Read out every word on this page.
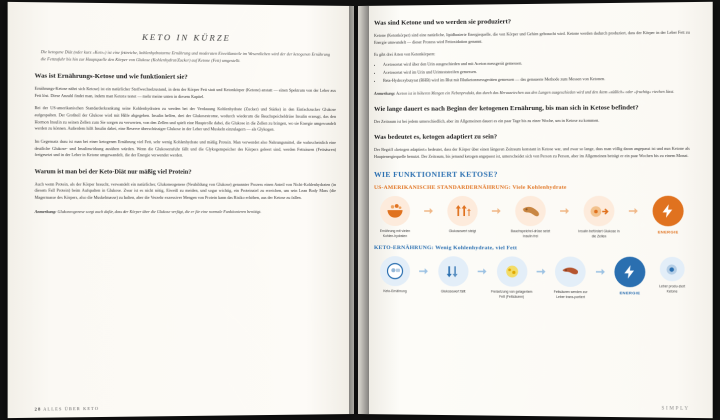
KETO IN KÜRZE

Die ketogene Diät (oder kurz »Keto«) ist eine fettreiche, kohlenhydratarme Ernährung und moderaten Eiweißanteile im Wesentlichen wird der der ketogenen Ernährung die Fettzufuhr bis hin zur Hauptquelle den Körper von Glukose (Kohlenhydrat/Zucker) auf Ketone (Fett) umgestellt.

Was ist Ernährungs-Ketose und wie funktioniert sie?

Ernährungs-Ketose nährt sich Ketose) ist ein natürlicher Stoffwechselzustand, in dem der Körper Fett statt und Ketonkörper (Ketone) anstatt — einen Spektrum von der Leber aus Fett löst. Diese Anzahl findet man, indem man Ketone testet — mehr meine unten in diesem Kapitel.

Bei der US-amerikanischen Standarderkrankung seine Kohlenhydraten zu werden bei der Verdauung Kohlenhydrate (Zucker) und Stärke) in den Einfachzucker Glukose aufgespalten. Der Großteil der Glukose wird mit Hilfe abgegeben. Insulin helfen, drei der Glukosestrome, wodurch wiederum die Bauchspeicheldrüse Insulin erzeugt, das den Hormon Insulin zu seinen Zellen zum Sie sorgen zu verwerten, von den Zellen und spielt eine Hauptrolle dabei, die Glukose in die Zellen zu bringen, wo sie Energie umgewandelt werden zu können. Außerdem hilft Insulin dabei, eine Reserve überschüssiger Glukose in der Leber und Muskeln einzulagern — als Glykogen.

Im Gegensatz dazu ist man bei einer ketogenen Ernährung viel Fett, sehr wenig Kohlenhydrate und mäßig Protein. Man verwendet also Nahrungsmittel, die wahrscheinlich eine deutliche Glukose- und Insulinwirkung ausüben würden. Wenn die Glukosezufuhr fällt und die Glykogenspeicher des Körpers geleert sind, werden Fettsäuren (Fettsäuren) freigesetzt und in der Leber in Ketone umgewandelt, die der Energie verwendet werden.

Warum ist man bei der Keto-Diät nur mäßig viel Protein?

Auch wenn Protein, als der Körper braucht, verwandelt ein natürlicher, Glukoneogenese (Neubildung von Glukose) genannter Prozess einen Anteil von Nicht-Kohlenhydraten (in diesem Fall Protein) beim Aufspalten in Glukose. Zwar ist es nicht nötig, Eiweiß zu meiden, und sogar wichtig, ein Proteinziel zu erreichen, um sein Lean Body Mass (die Magermasse des Körpers, also die Muskelmasse) zu halten, aber die Verzehr exzessiver Mengen von Protein kann das Risiko erhöhen, aus der Ketose zu fallen.

Anmerkung: Glukoneogenese sorgt auch dafür, dass der Körper über die Glukose verfügt, die er für eine normale Funktionieren benötigt.

28 ALLES ÜBER KETO
Was sind Ketone und wo werden sie produziert?

Ketone (Ketonkörper) sind eine natürliche, lipidbasierte Energiequelle, die von Körper und Gehirn gebraucht wird. Ketone werden dadurch produziert, dass der Körper in der Leber Fett zu Energie umwandelt — dieser Prozess wird Fettoxidation genannt.

Es gibt drei Arten von Ketonkörpern:

• Acetoacetat wird über den Urin ausgeschieden und mit Aceton messgerät gemessen.
• Acetoacetat wird im Urin und Urinteststreifen gemessen.
• Beta-Hydroxybutyrat (BHB) wird im Blut mit Blutketonmessgeräten gemessen — das genaueste Methode zum Messen von Ketonen.

Anmerkung: Aceton ist in höheren Mengen ein Nebenprodukt, das durch das Herausriechen aus den Lungen ausgeschieden wird und den Atem »süßlich« oder »fruchtig« riechen lässt.

Wie lange dauert es nach Beginn der ketogenen Ernährung, bis man sich in Ketose befindet?

Der Zeitraum ist bei jedem unterschiedlich, aber im Allgemeinen dauert es ein paar Tage bis zu einer Woche, um in Ketose zu kommen.

Was bedeutet es, ketogen adaptiert zu sein?

Der Begriff »ketogen adaptiert« bedeutet, dass der Körper über einen längeren Zeitraum konstant in Ketose war, und zwar so lange, dass man völlig daran angepasst ist und nun Ketone als Hauptenergiequelle benutzt. Der Zeitraum, bis jemand ketogen angepasst ist, unterscheidet sich von Person zu Person, aber im Allgemeinen beträgt er ein paar Wochen bis zu einem Monat.

WIE FUNKTIONIERT KETOSE?
US-AMERIKANISCHE STANDARDERNÄHRUNG: Viele Kohlenhydrate
Ernährung mit vielen Kohlen-hydraten
Glukosewert steigt	Bauchspeichel-drüse setzt Insulin frei
Insulin befördert Glukose in die Zellen
ENERGIE
KETO-ERNÄHRUNG: Wenig Kohlenhydrate, viel Fett
Keto-Ernährung	Glukosewert fällt	Freisetzung von gelagertem Fett (Fettsäuren)
Fettsäuren werden zur Leber trans-portiert
ENERGIE
Leber produ-ziert Ketone
SIMPLY
